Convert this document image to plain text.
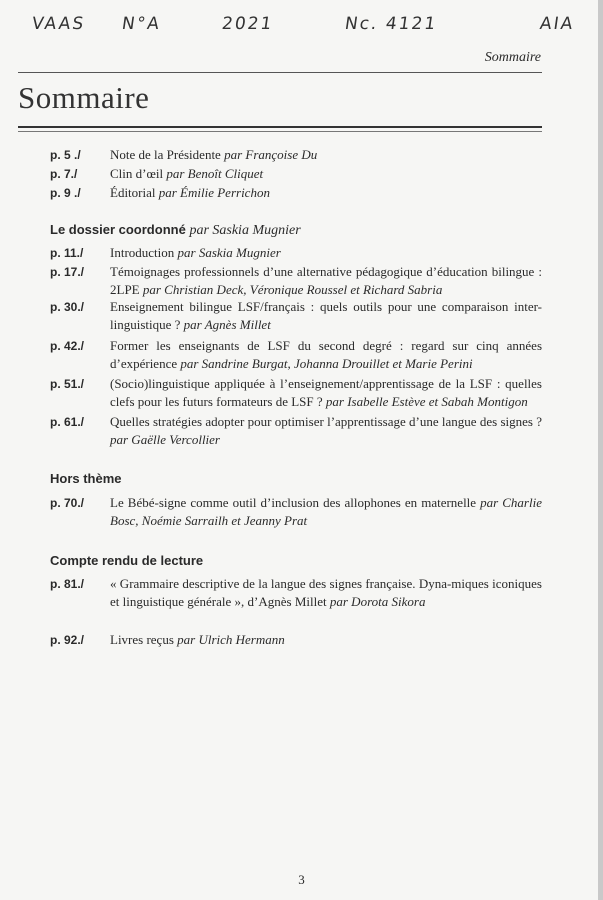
VAAS N°A	2021	Nc. 4121	AIA
Sommaire
Sommaire
p. 5 ./ Note de la Présidente par Françoise Du
p. 7./	Clin d’œil par Benoît Cliquet
p. 9 ./ Éditorial par Émilie Perrichon
Le dossier coordonné par Saskia Mugnier
p. 11./ Introduction par Saskia Mugnier
p. 17./ Témoignages professionnels d’une alternative pédagogique d’éducation bilingue : 2LPE par Christian Deck, Véronique Roussel et Richard Sabria
p. 30./ Enseignement bilingue LSF/français : quels outils pour une comparaison inter-linguistique ? par Agnès Millet
p. 42./ Former les enseignants de LSF du second degré : regard sur cinq années d’expérience par Sandrine Burgat, Johanna Drouillet et Marie Perini
p. 51./ (Socio)linguistique appliquée à l’enseignement/apprentissage de la LSF : quelles clefs pour les futurs formateurs de LSF ? par Isabelle Estève et Sabah Montigon
p. 61./ Quelles stratégies adopter pour optimiser l’apprentissage d’une langue des signes ? par Gaëlle Vercollier
Hors thème
p. 70./ Le Bébé-signe comme outil d’inclusion des allophones en maternelle par Charlie Bosc, Noémie Sarrailh et Jeanny Prat
Compte rendu de lecture
p. 81./ « Grammaire descriptive de la langue des signes française. Dyna-miques iconiques et linguistique générale », d’Agnès Millet par Dorota Sikora
p. 92./ Livres reçus par Ulrich Hermann
3
